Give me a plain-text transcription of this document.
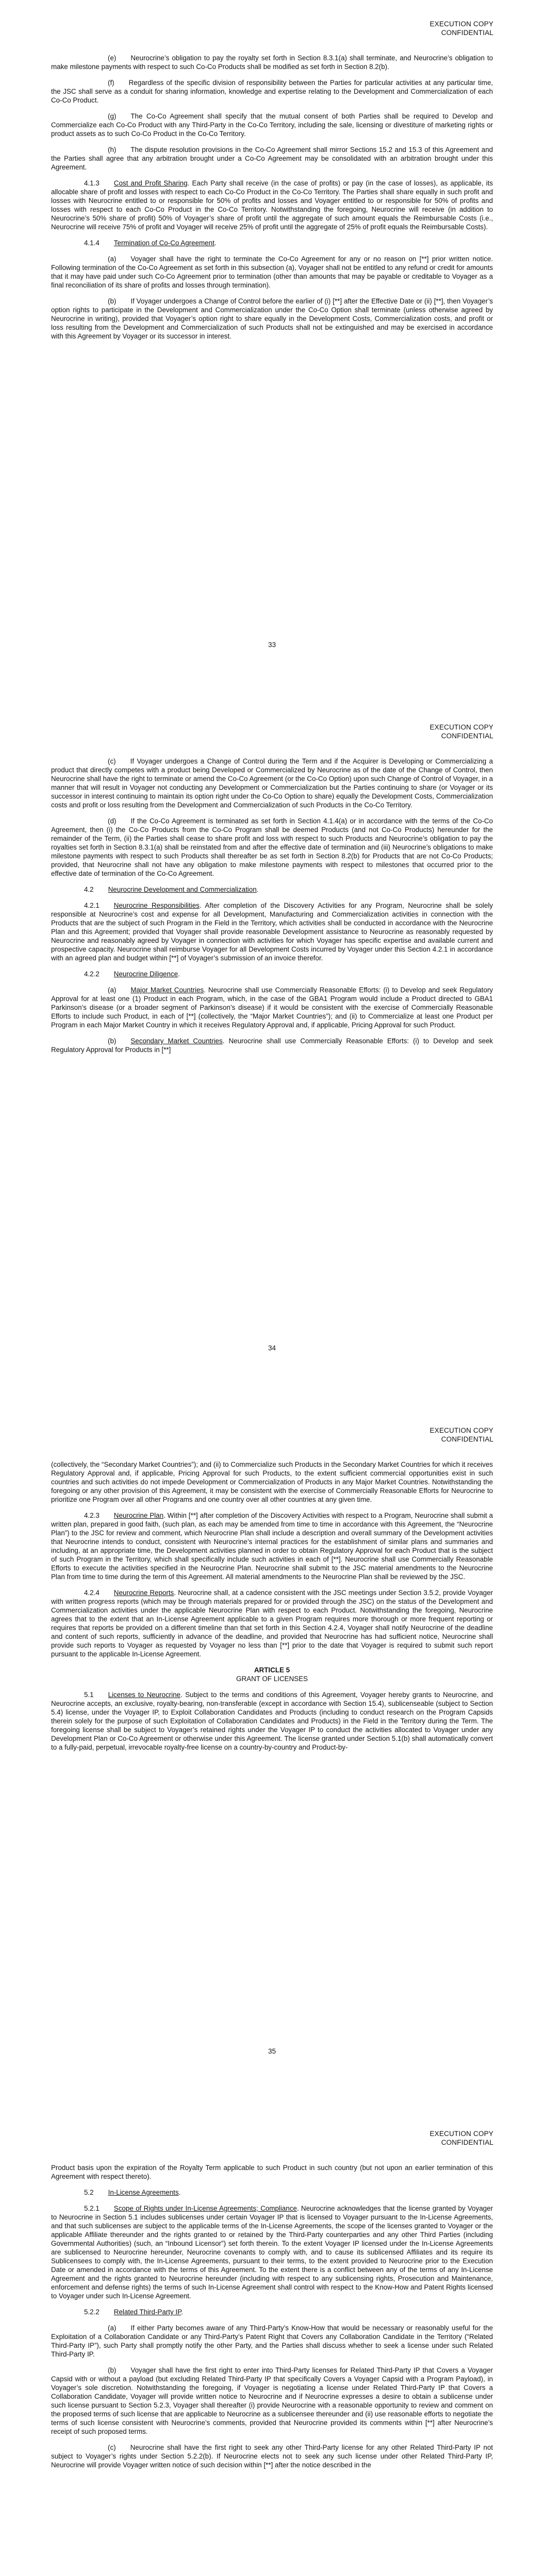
EXECUTION COPY
CONFIDENTIAL

(e) Neurocrine’s obligation to pay the royalty set forth in Section 8.3.1(a) shall terminate, and Neurocrine’s obligation to make milestone payments with respect to such Co-Co Products shall be modified as set forth in Section 8.2(b).

(f) Regardless of the specific division of responsibility between the Parties for particular activities at any particular time, the JSC shall serve as a conduit for sharing information, knowledge and expertise relating to the Development and Commercialization of each Co-Co Product.

(g) The Co-Co Agreement shall specify that the mutual consent of both Parties shall be required to Develop and Commercialize each Co-Co Product with any Third-Party in the Co-Co Territory, including the sale, licensing or divestiture of marketing rights or product assets as to such Co-Co Product in the Co-Co Territory.

(h) The dispute resolution provisions in the Co-Co Agreement shall mirror Sections 15.2 and 15.3 of this Agreement and the Parties shall agree that any arbitration brought under a Co-Co Agreement may be consolidated with an arbitration brought under this Agreement.

4.1.3 Cost and Profit Sharing. Each Party shall receive (in the case of profits) or pay (in the case of losses), as applicable, its allocable share of profit and losses with respect to each Co-Co Product in the Co-Co Territory. The Parties shall share equally in such profit and losses with Neurocrine entitled to or responsible for 50% of profits and losses and Voyager entitled to or responsible for 50% of profits and losses with respect to each Co-Co Product in the Co-Co Territory. Notwithstanding the foregoing, Neurocrine will receive (in addition to Neurocrine’s 50% share of profit) 50% of Voyager’s share of profit until the aggregate of such amount equals the Reimbursable Costs (i.e., Neurocrine will receive 75% of profit and Voyager will receive 25% of profit until the aggregate of 25% of profit equals the Reimbursable Costs).

4.1.4 Termination of Co-Co Agreement.

(a) Voyager shall have the right to terminate the Co-Co Agreement for any or no reason on [**] prior written notice. Following termination of the Co-Co Agreement as set forth in this subsection (a), Voyager shall not be entitled to any refund or credit for amounts that it may have paid under such Co-Co Agreement prior to termination (other than amounts that may be payable or creditable to Voyager as a final reconciliation of its share of profits and losses through termination).

(b) If Voyager undergoes a Change of Control before the earlier of (i) [**] after the Effective Date or (ii) [**], then Voyager’s option rights to participate in the Development and Commercialization under the Co-Co Option shall terminate (unless otherwise agreed by Neurocrine in writing), provided that Voyager’s option right to share equally in the Development Costs, Commercialization costs, and profit or loss resulting from the Development and Commercialization of such Products shall not be extinguished and may be exercised in accordance with this Agreement by Voyager or its successor in interest.

33
EXECUTION COPY
CONFIDENTIAL

(c) If Voyager undergoes a Change of Control during the Term and if the Acquirer is Developing or Commercializing a product that directly competes with a product being Developed or Commercialized by Neurocrine as of the date of the Change of Control, then Neurocrine shall have the right to terminate or amend the Co-Co Agreement (or the Co-Co Option) upon such Change of Control of Voyager, in a manner that will result in Voyager not conducting any Development or Commercialization but the Parties continuing to share (or Voyager or its successor in interest continuing to maintain its option right under the Co-Co Option to share) equally the Development Costs, Commercialization costs and profit or loss resulting from the Development and Commercialization of such Products in the Co-Co Territory.

(d) If the Co-Co Agreement is terminated as set forth in Section 4.1.4(a) or in accordance with the terms of the Co-Co Agreement, then (i) the Co-Co Products from the Co-Co Program shall be deemed Products (and not Co-Co Products) hereunder for the remainder of the Term, (ii) the Parties shall cease to share profit and loss with respect to such Products and Neurocrine’s obligation to pay the royalties set forth in Section 8.3.1(a) shall be reinstated from and after the effective date of termination and (iii) Neurocrine’s obligations to make milestone payments with respect to such Products shall thereafter be as set forth in Section 8.2(b) for Products that are not Co-Co Products; provided, that Neurocrine shall not have any obligation to make milestone payments with respect to milestones that occurred prior to the effective date of termination of the Co-Co Agreement.

4.2 Neurocrine Development and Commercialization.

4.2.1 Neurocrine Responsibilities. After completion of the Discovery Activities for any Program, Neurocrine shall be solely responsible at Neurocrine’s cost and expense for all Development, Manufacturing and Commercialization activities in connection with the Products that are the subject of such Program in the Field in the Territory, which activities shall be conducted in accordance with the Neurocrine Plan and this Agreement; provided that Voyager shall provide reasonable Development assistance to Neurocrine as reasonably requested by Neurocrine and reasonably agreed by Voyager in connection with activities for which Voyager has specific expertise and available current and prospective capacity. Neurocrine shall reimburse Voyager for all Development Costs incurred by Voyager under this Section 4.2.1 in accordance with an agreed plan and budget within [**] of Voyager’s submission of an invoice therefor.

4.2.2 Neurocrine Diligence.

(a) Major Market Countries. Neurocrine shall use Commercially Reasonable Efforts: (i) to Develop and seek Regulatory Approval for at least one (1) Product in each Program, which, in the case of the GBA1 Program would include a Product directed to GBA1 Parkinson’s disease (or a broader segment of Parkinson’s disease) if it would be consistent with the exercise of Commercially Reasonable Efforts to include such Product, in each of [**] (collectively, the “Major Market Countries”); and (ii) to Commercialize at least one Product per Program in each Major Market Country in which it receives Regulatory Approval and, if applicable, Pricing Approval for such Product.

(b) Secondary Market Countries. Neurocrine shall use Commercially Reasonable Efforts: (i) to Develop and seek Regulatory Approval for Products in [**]

34
EXECUTION COPY
CONFIDENTIAL

(collectively, the “Secondary Market Countries”); and (ii) to Commercialize such Products in the Secondary Market Countries for which it receives Regulatory Approval and, if applicable, Pricing Approval for such Products, to the extent sufficient commercial opportunities exist in such countries and such activities do not impede Development or Commercialization of Products in any Major Market Countries. Notwithstanding the foregoing or any other provision of this Agreement, it may be consistent with the exercise of Commercially Reasonable Efforts for Neurocrine to prioritize one Program over all other Programs and one country over all other countries at any given time.

4.2.3 Neurocrine Plan. Within [**] after completion of the Discovery Activities with respect to a Program, Neurocrine shall submit a written plan, prepared in good faith, (such plan, as each may be amended from time to time in accordance with this Agreement, the “Neurocrine Plan”) to the JSC for review and comment, which Neurocrine Plan shall include a description and overall summary of the Development activities that Neurocrine intends to conduct, consistent with Neurocrine’s internal practices for the establishment of similar plans and summaries and including, at an appropriate time, the Development activities planned in order to obtain Regulatory Approval for each Product that is the subject of such Program in the Territory, which shall specifically include such activities in each of [**]. Neurocrine shall use Commercially Reasonable Efforts to execute the activities specified in the Neurocrine Plan. Neurocrine shall submit to the JSC material amendments to the Neurocrine Plan from time to time during the term of this Agreement. All material amendments to the Neurocrine Plan shall be reviewed by the JSC.

4.2.4 Neurocrine Reports. Neurocrine shall, at a cadence consistent with the JSC meetings under Section 3.5.2, provide Voyager with written progress reports (which may be through materials prepared for or provided through the JSC) on the status of the Development and Commercialization activities under the applicable Neurocrine Plan with respect to each Product. Notwithstanding the foregoing, Neurocrine agrees that to the extent that an In-License Agreement applicable to a given Program requires more thorough or more frequent reporting or requires that reports be provided on a different timeline than that set forth in this Section 4.2.4, Voyager shall notify Neurocrine of the deadline and content of such reports, sufficiently in advance of the deadline, and provided that Neurocrine has had sufficient notice, Neurocrine shall provide such reports to Voyager as requested by Voyager no less than [**] prior to the date that Voyager is required to submit such report pursuant to the applicable In-License Agreement.

ARTICLE 5

GRANT OF LICENSES

5.1 Licenses to Neurocrine. Subject to the terms and conditions of this Agreement, Voyager hereby grants to Neurocrine, and Neurocrine accepts, an exclusive, royalty-bearing, non-transferable (except in accordance with Section 15.4), sublicenseable (subject to Section 5.4) license, under the Voyager IP, to Exploit Collaboration Candidates and Products (including to conduct research on the Program Capsids therein solely for the purpose of such Exploitation of Collaboration Candidates and Products) in the Field in the Territory during the Term. The foregoing license shall be subject to Voyager’s retained rights under the Voyager IP to conduct the activities allocated to Voyager under any Development Plan or Co-Co Agreement or otherwise under this Agreement. The license granted under Section 5.1(b) shall automatically convert to a fully-paid, perpetual, irrevocable royalty-free license on a country-by-country and Product-by-

35
EXECUTION COPY
CONFIDENTIAL

Product basis upon the expiration of the Royalty Term applicable to such Product in such country (but not upon an earlier termination of this Agreement with respect thereto).

5.2 In-License Agreements.

5.2.1 Scope of Rights under In-License Agreements; Compliance. Neurocrine acknowledges that the license granted by Voyager to Neurocrine in Section 5.1 includes sublicenses under certain Voyager IP that is licensed to Voyager pursuant to the In-License Agreements, and that such sublicenses are subject to the applicable terms of the In-License Agreements, the scope of the licenses granted to Voyager or the applicable Affiliate thereunder and the rights granted to or retained by the Third-Party counterparties and any other Third Parties (including Governmental Authorities) (such, an “Inbound Licensor”) set forth therein. To the extent Voyager IP licensed under the In-License Agreements are sublicensed to Neurocrine hereunder, Neurocrine covenants to comply with, and to cause its sublicensed Affiliates and its require its Sublicensees to comply with, the In-License Agreements, pursuant to their terms, to the extent provided to Neurocrine prior to the Execution Date or amended in accordance with the terms of this Agreement. To the extent there is a conflict between any of the terms of any In-License Agreement and the rights granted to Neurocrine hereunder (including with respect to any sublicensing rights, Prosecution and Maintenance, enforcement and defense rights) the terms of such In-License Agreement shall control with respect to the Know-How and Patent Rights licensed to Voyager under such In-License Agreement.

5.2.2 Related Third-Party IP.

(a) If either Party becomes aware of any Third-Party’s Know-How that would be necessary or reasonably useful for the Exploitation of a Collaboration Candidate or any Third-Party’s Patent Right that Covers any Collaboration Candidate in the Territory (“Related Third-Party IP”), such Party shall promptly notify the other Party, and the Parties shall discuss whether to seek a license under such Related Third-Party IP.

(b) Voyager shall have the first right to enter into Third-Party licenses for Related Third-Party IP that Covers a Voyager Capsid with or without a payload (but excluding Related Third-Party IP that specifically Covers a Voyager Capsid with a Program Payload), in Voyager’s sole discretion. Notwithstanding the foregoing, if Voyager is negotiating a license under Related Third-Party IP that Covers a Collaboration Candidate, Voyager will provide written notice to Neurocrine and if Neurocrine expresses a desire to obtain a sublicense under such license pursuant to Section 5.2.3, Voyager shall thereafter (i) provide Neurocrine with a reasonable opportunity to review and comment on the proposed terms of such license that are applicable to Neurocrine as a sublicensee thereunder and (ii) use reasonable efforts to negotiate the terms of such license consistent with Neurocrine’s comments, provided that Neurocrine provided its comments within [**] after Neurocrine’s receipt of such proposed terms.

(c) Neurocrine shall have the first right to seek any other Third-Party license for any other Related Third-Party IP not subject to Voyager’s rights under Section 5.2.2(b). If Neurocrine elects not to seek any such license under other Related Third-Party IP, Neurocrine will provide Voyager written notice of such decision within [**] after the notice described in the
